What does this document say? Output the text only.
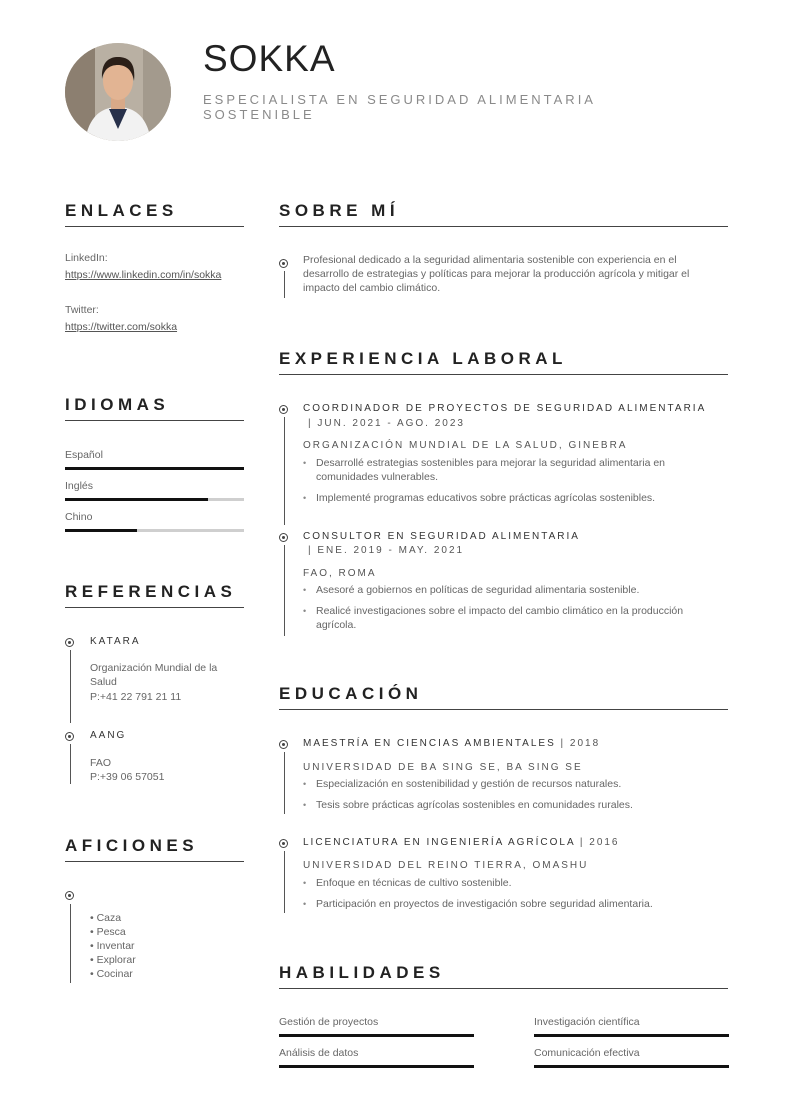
SOKKA
ESPECIALISTA EN SEGURIDAD ALIMENTARIA SOSTENIBLE
ENLACES
LinkedIn:
https://www.linkedin.com/in/sokka
Twitter:
https://twitter.com/sokka
IDIOMAS
Español
Inglés
Chino
REFERENCIAS
KATARA
Organización Mundial de la Salud
P:+41 22 791 21 11
AANG
FAO
P:+39 06 57051
AFICIONES
• Caza
• Pesca
• Inventar
• Explorar
• Cocinar
SOBRE MÍ
Profesional dedicado a la seguridad alimentaria sostenible con experiencia en el desarrollo de estrategias y políticas para mejorar la producción agrícola y mitigar el impacto del cambio climático.
EXPERIENCIA LABORAL
COORDINADOR DE PROYECTOS DE SEGURIDAD ALIMENTARIA
| JUN. 2021 - AGO. 2023
ORGANIZACIÓN MUNDIAL DE LA SALUD, GINEBRA
• Desarrollé estrategias sostenibles para mejorar la seguridad alimentaria en comunidades vulnerables.
• Implementé programas educativos sobre prácticas agrícolas sostenibles.
CONSULTOR EN SEGURIDAD ALIMENTARIA
| ENE. 2019 - MAY. 2021
FAO, ROMA
• Asesoré a gobiernos en políticas de seguridad alimentaria sostenible.
• Realicé investigaciones sobre el impacto del cambio climático en la producción agrícola.
EDUCACIÓN
MAESTRÍA EN CIENCIAS AMBIENTALES | 2018
UNIVERSIDAD DE BA SING SE, BA SING SE
• Especialización en sostenibilidad y gestión de recursos naturales.
• Tesis sobre prácticas agrícolas sostenibles en comunidades rurales.
LICENCIATURA EN INGENIERÍA AGRÍCOLA | 2016
UNIVERSIDAD DEL REINO TIERRA, OMASHU
• Enfoque en técnicas de cultivo sostenible.
• Participación en proyectos de investigación sobre seguridad alimentaria.
HABILIDADES
Gestión de proyectos	Investigación científica
Análisis de datos	Comunicación efectiva
